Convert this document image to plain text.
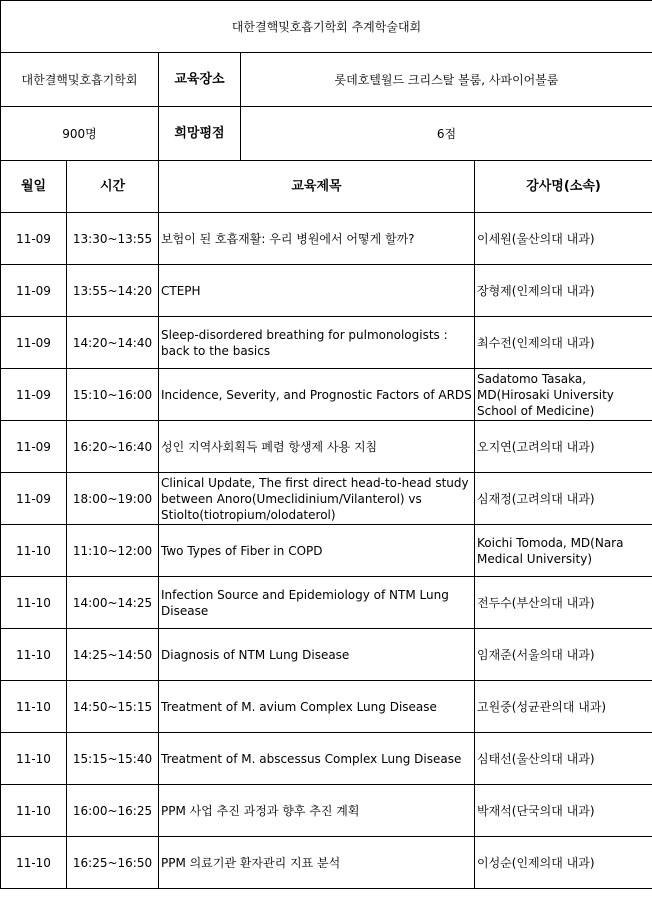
대한결핵및호흡기학회 추계학술대회				
대한결핵및호흡기학회		교육장소	롯데호텔월드 크리스탈 볼룸, 사파이어볼룸	
900명		희망평점	6점	
월일	시간	교육제목		강사명(소속)
11-09	13:30~13:55	보험이 된 호흡재활: 우리 병원에서 어떻게 할까?		이세원(울산의대 내과)
11-09	13:55~14:20	CTEPH		장형제(인제의대 내과)
11-09	14:20~14:40	Sleep-disordered breathing for pulmonologists : back to the basics		최수전(인제의대 내과)
11-09	15:10~16:00	Incidence, Severity, and Prognostic Factors of ARDS		Sadatomo Tasaka, MD(Hirosaki University School of Medicine)
11-09	16:20~16:40	성인 지역사회획득 폐렴 항생제 사용 지침		오지연(고려의대 내과)
11-09	18:00~19:00	Clinical Update, The first direct head-to-head study between Anoro(Umeclidinium/Vilanterol) vs Stiolto(tiotropium/olodaterol)		심재정(고려의대 내과)
11-10	11:10~12:00	Two Types of Fiber in COPD		Koichi Tomoda, MD(Nara Medical University)
11-10	14:00~14:25	Infection Source and Epidemiology of NTM Lung Disease		전두수(부산의대 내과)
11-10	14:25~14:50	Diagnosis of NTM Lung Disease		임재준(서울의대 내과)
11-10	14:50~15:15	Treatment of M. avium Complex Lung Disease		고원중(성균관의대 내과)
11-10	15:15~15:40	Treatment of M. abscessus Complex Lung Disease		심태선(울산의대 내과)
11-10	16:00~16:25	PPM 사업 추진 과정과 향후 추진 계획		박재석(단국의대 내과)
11-10	16:25~16:50	PPM 의료기관 환자관리 지표 분석		이성순(인제의대 내과)
